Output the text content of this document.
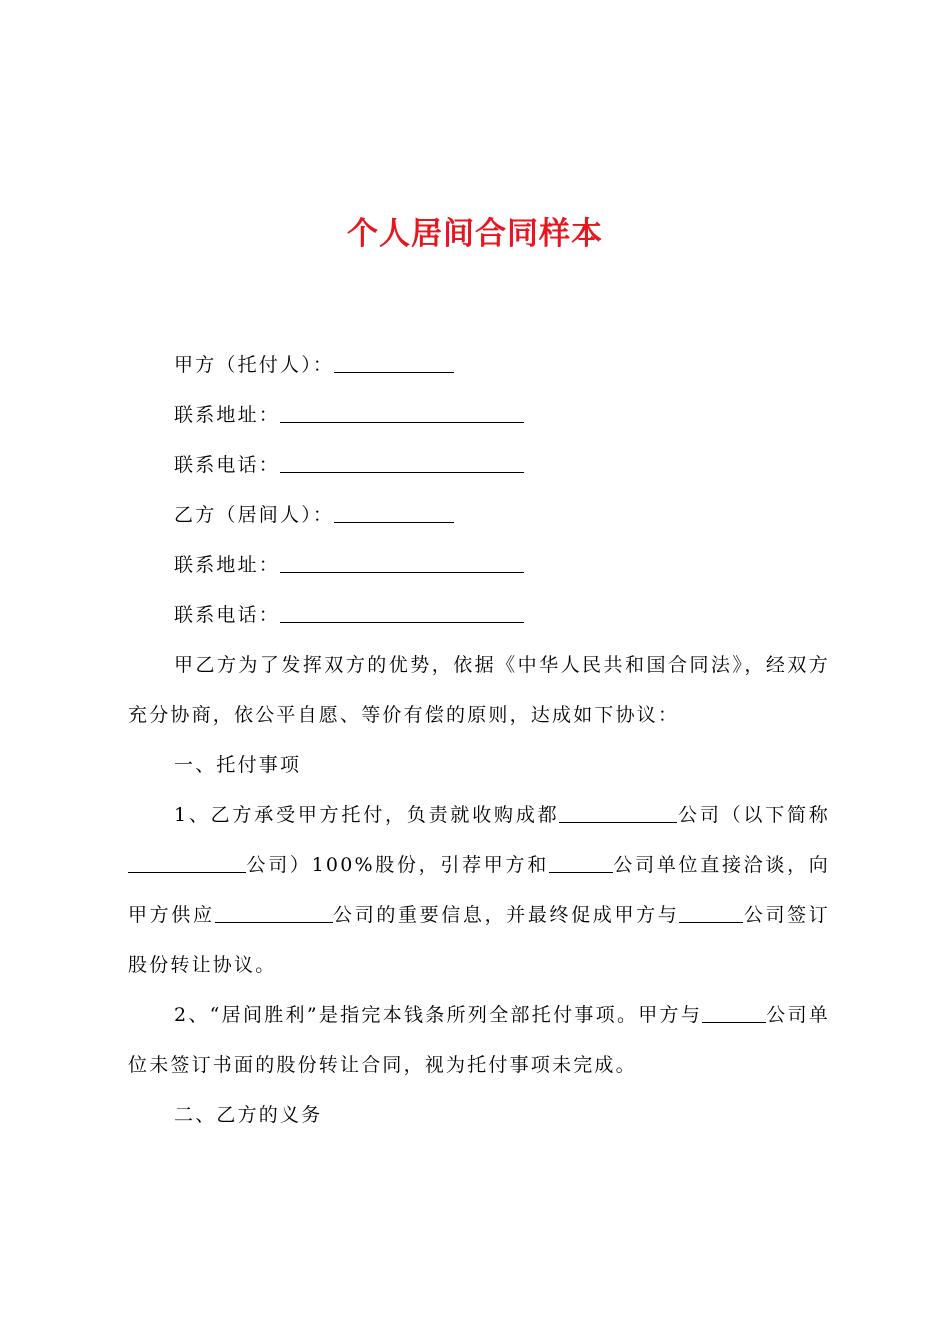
个人居间合同样本

甲方（托付人）：

联系地址：

联系电话：

乙方（居间人）：

联系地址：

联系电话：

甲乙方为了发挥双方的优势，依据《中华人民共和国合同法》，经双方充分协商，依公平自愿、等价有偿的原则，达成如下协议：

一、托付事项

1、乙方承受甲方托付，负责就收购成都	公司（以下简称公司）100%股份，引荐甲方和	公司单位直接洽谈，向甲方供应	公司的重要信息，并最终促成甲方与	公司签订股份转让协议。

2、“居间胜利”是指完本钱条所列全部托付事项。甲方与	公司单位未签订书面的股份转让合同，视为托付事项未完成。

二、乙方的义务
